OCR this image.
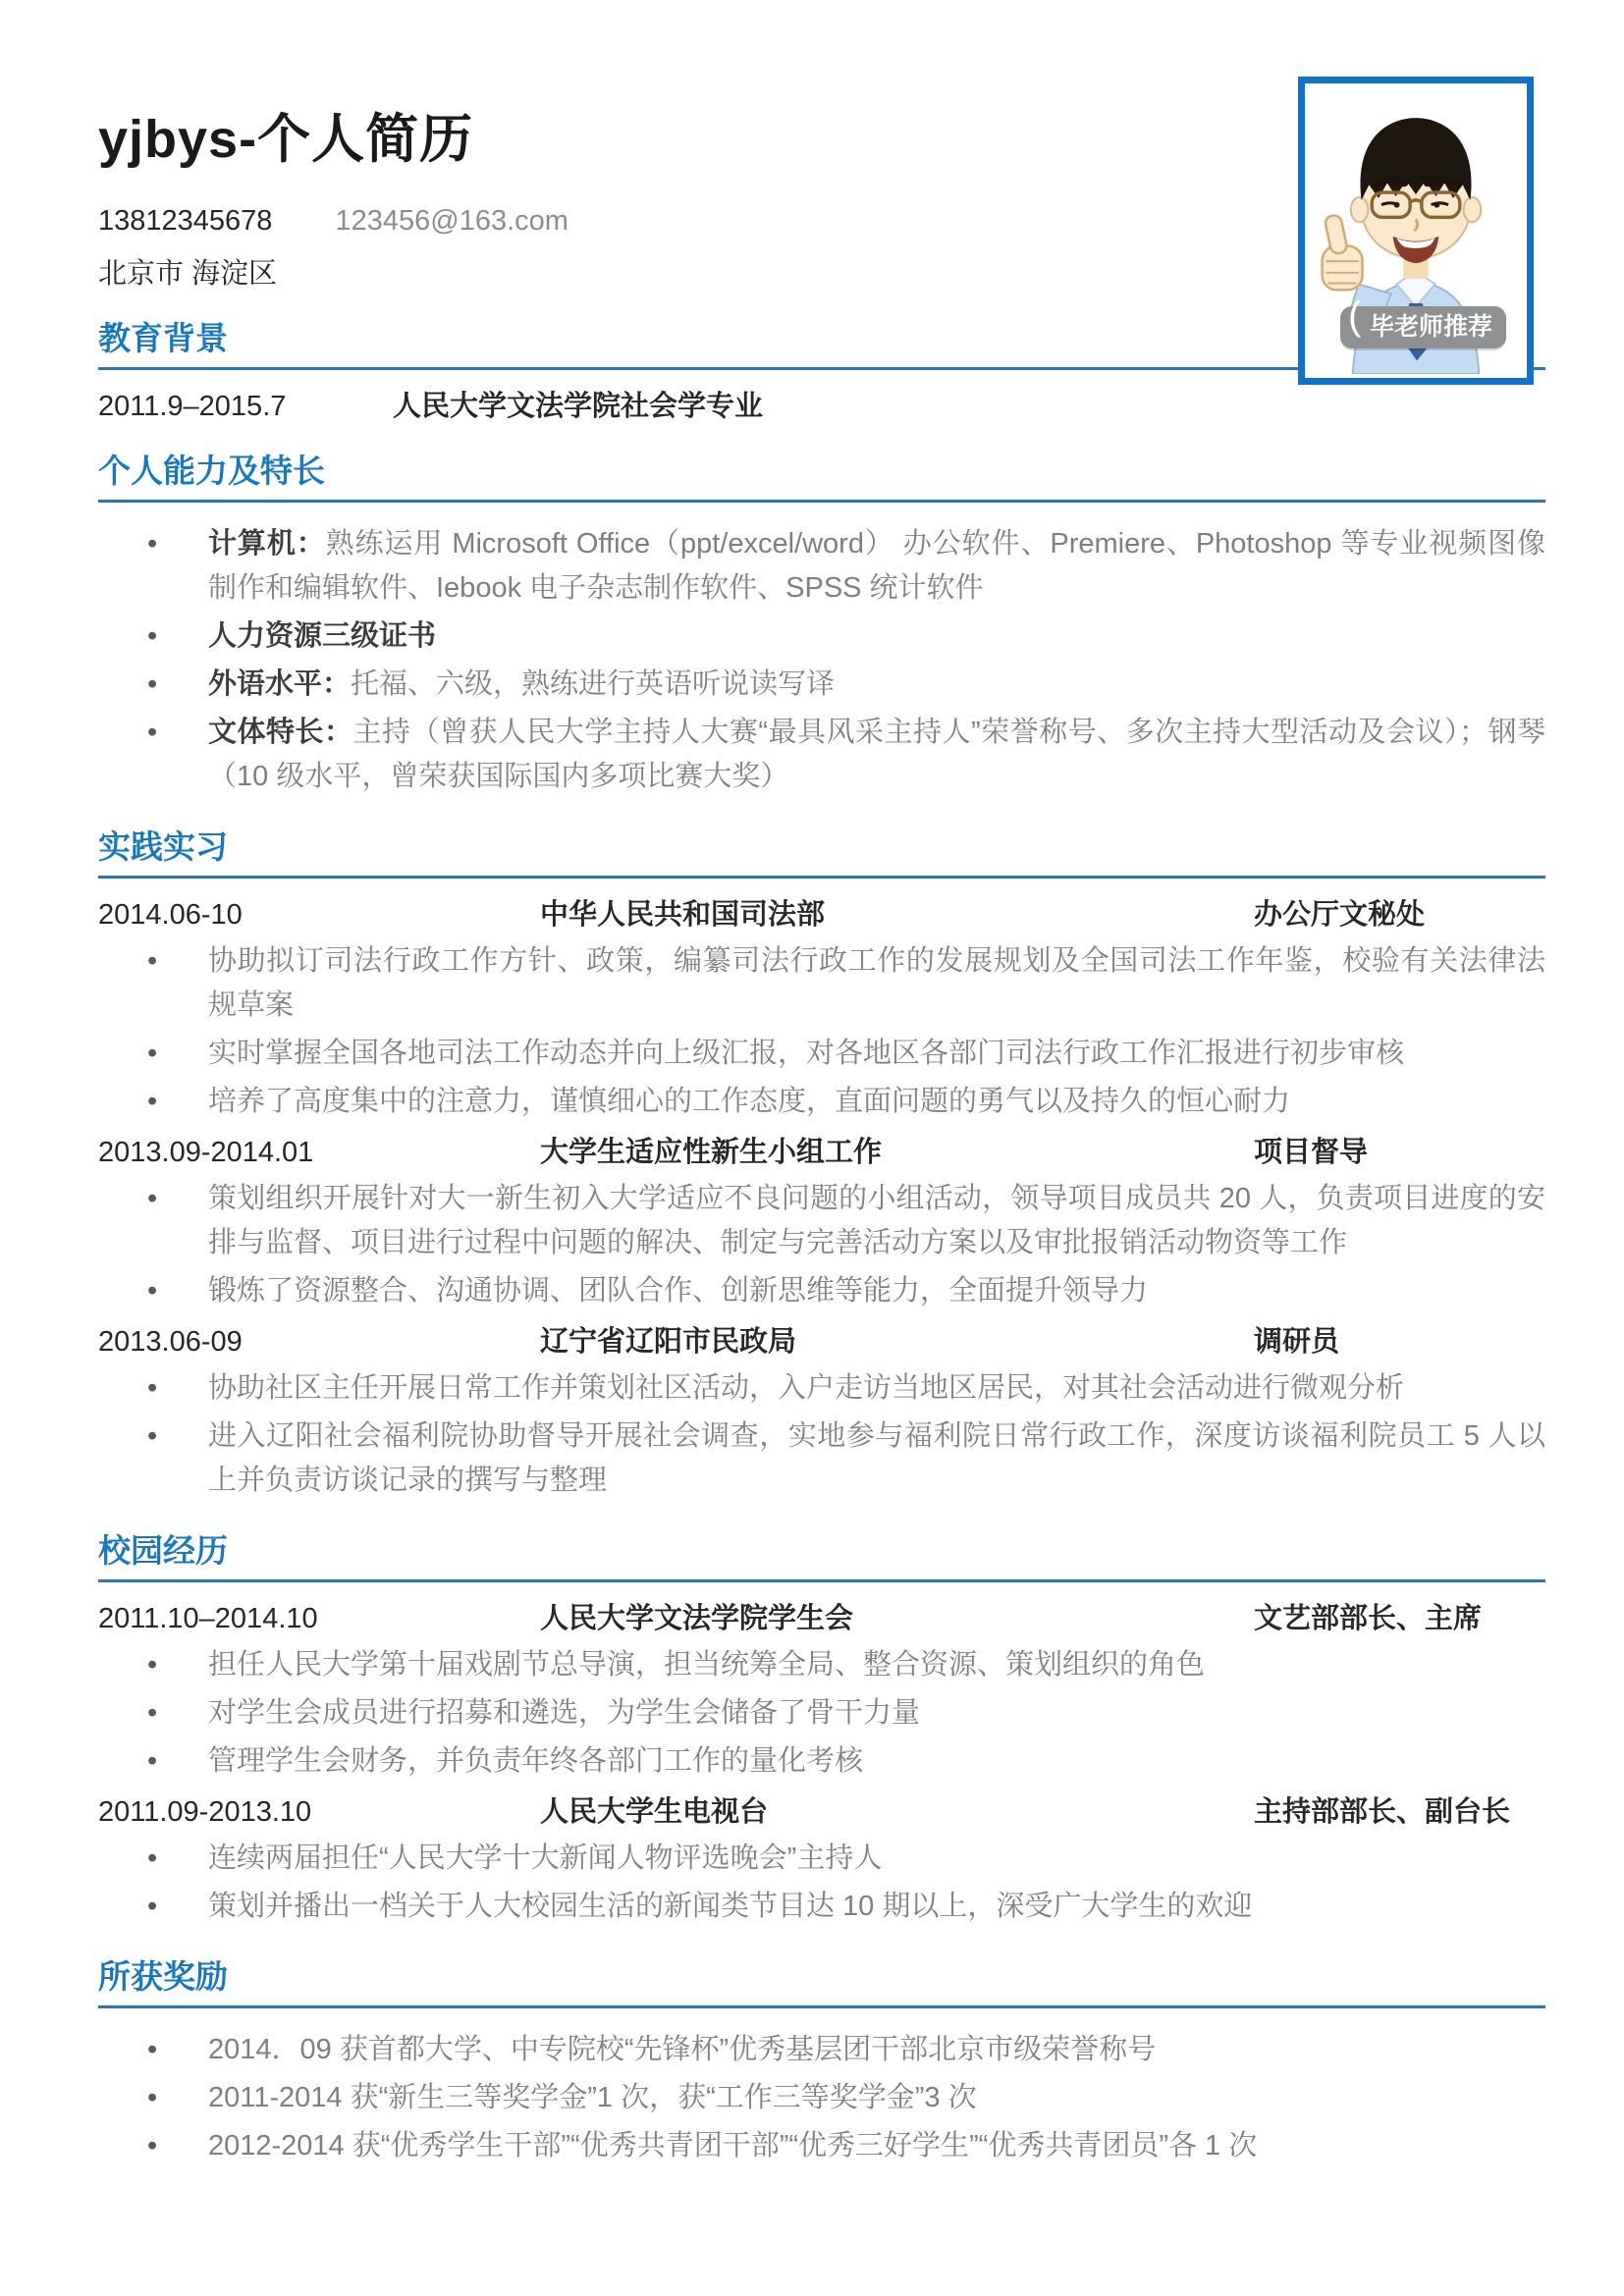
( 毕老师推荐
yjbys-个人简历
13812345678 123456@163.com
北京市 海淀区
教育背景
2011.9–2015.7	人民大学文法学院社会学专业
个人能力及特长
• 计算机：熟练运用 Microsoft Office（ppt/excel/word） 办公软件、Premiere、Photoshop 等专业视频图像制作和编辑软件、Iebook 电子杂志制作软件、SPSS 统计软件
• 人力资源三级证书
• 外语水平：托福、六级，熟练进行英语听说读写译
• 文体特长：主持（曾获人民大学主持人大赛“最具风采主持人”荣誉称号、多次主持大型活动及会议）；钢琴（10 级水平，曾荣获国际国内多项比赛大奖）
实践实习
2014.06-10	中华人民共和国司法部	办公厅文秘处
• 协助拟订司法行政工作方针、政策，编纂司法行政工作的发展规划及全国司法工作年鉴，校验有关法律法规草案
• 实时掌握全国各地司法工作动态并向上级汇报，对各地区各部门司法行政工作汇报进行初步审核
• 培养了高度集中的注意力，谨慎细心的工作态度，直面问题的勇气以及持久的恒心耐力
2013.09-2014.01	大学生适应性新生小组工作	项目督导
• 策划组织开展针对大一新生初入大学适应不良问题的小组活动，领导项目成员共 20 人，负责项目进度的安排与监督、项目进行过程中问题的解决、制定与完善活动方案以及审批报销活动物资等工作
• 锻炼了资源整合、沟通协调、团队合作、创新思维等能力，全面提升领导力
2013.06-09	辽宁省辽阳市民政局	调研员
• 协助社区主任开展日常工作并策划社区活动，入户走访当地区居民，对其社会活动进行微观分析
• 进入辽阳社会福利院协助督导开展社会调查，实地参与福利院日常行政工作，深度访谈福利院员工 5 人以上并负责访谈记录的撰写与整理
校园经历
2011.10–2014.10	人民大学文法学院学生会	文艺部部长、主席
• 担任人民大学第十届戏剧节总导演，担当统筹全局、整合资源、策划组织的角色
• 对学生会成员进行招募和遴选，为学生会储备了骨干力量
• 管理学生会财务，并负责年终各部门工作的量化考核
2011.09-2013.10	人民大学生电视台	主持部部长、副台长
• 连续两届担任“人民大学十大新闻人物评选晚会”主持人
• 策划并播出一档关于人大校园生活的新闻类节目达 10 期以上，深受广大学生的欢迎
所获奖励
• 2014．09 获首都大学、中专院校“先锋杯”优秀基层团干部北京市级荣誉称号
• 2011-2014 获“新生三等奖学金”1 次，获“工作三等奖学金”3 次
• 2012-2014 获“优秀学生干部”“优秀共青团干部”“优秀三好学生”“优秀共青团员”各 1 次
